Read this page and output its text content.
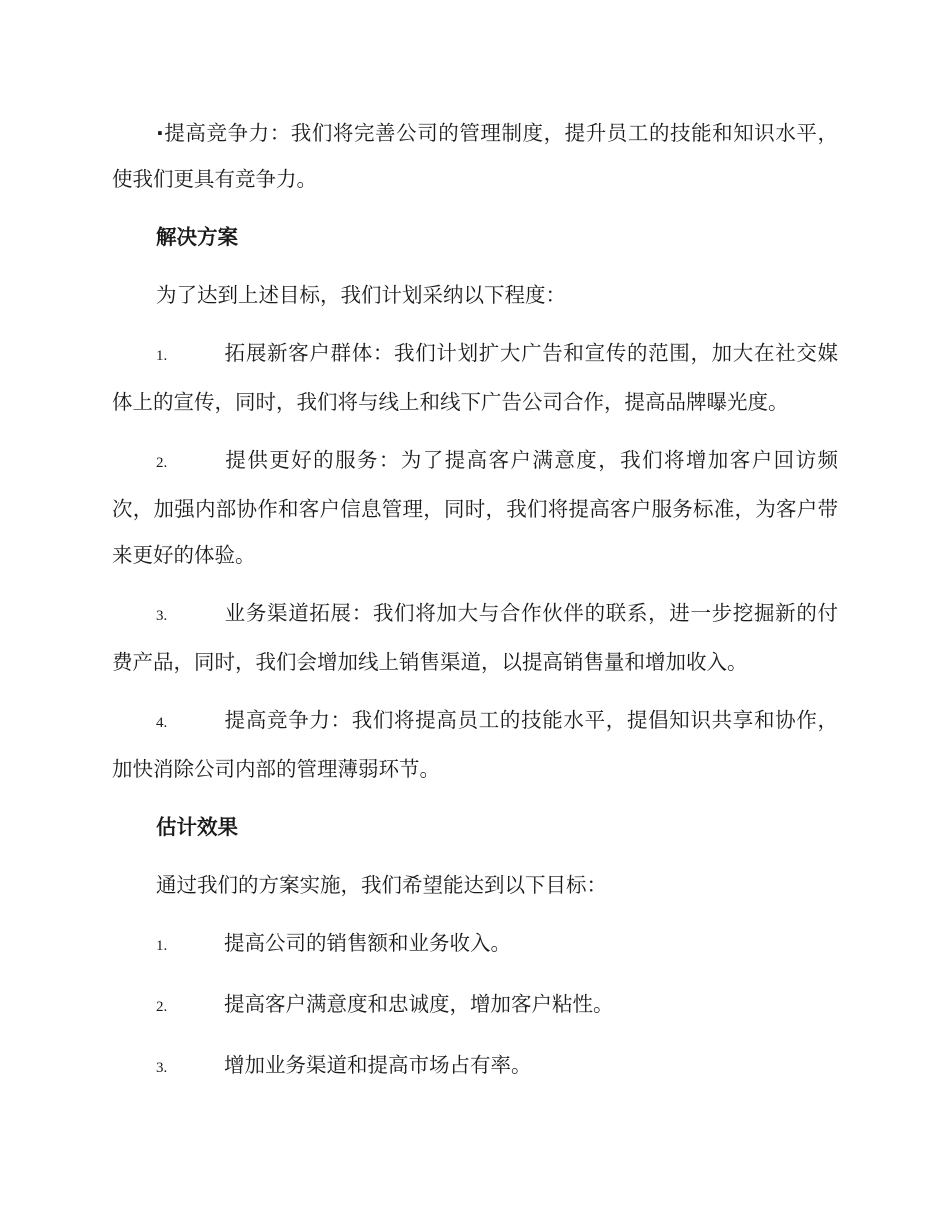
·提高竞争力：我们将完善公司的管理制度，提升员工的技能和知识水平，使我们更具有竞争力。

解决方案

为了达到上述目标，我们计划采纳以下程度：

1.	拓展新客户群体：我们计划扩大广告和宣传的范围，加大在社交媒体上的宣传，同时，我们将与线上和线下广告公司合作，提高品牌曝光度。
2.	提供更好的服务：为了提高客户满意度，我们将增加客户回访频次，加强内部协作和客户信息管理，同时，我们将提高客户服务标准，为客户带来更好的体验。
3.	业务渠道拓展：我们将加大与合作伙伴的联系，进一步挖掘新的付费产品，同时，我们会增加线上销售渠道，以提高销售量和增加收入。
4.	提高竞争力：我们将提高员工的技能水平，提倡知识共享和协作，加快消除公司内部的管理薄弱环节。
估计效果

通过我们的方案实施，我们希望能达到以下目标：

1.	提高公司的销售额和业务收入。
2.	提高客户满意度和忠诚度，增加客户粘性。
3.	增加业务渠道和提高市场占有率。
